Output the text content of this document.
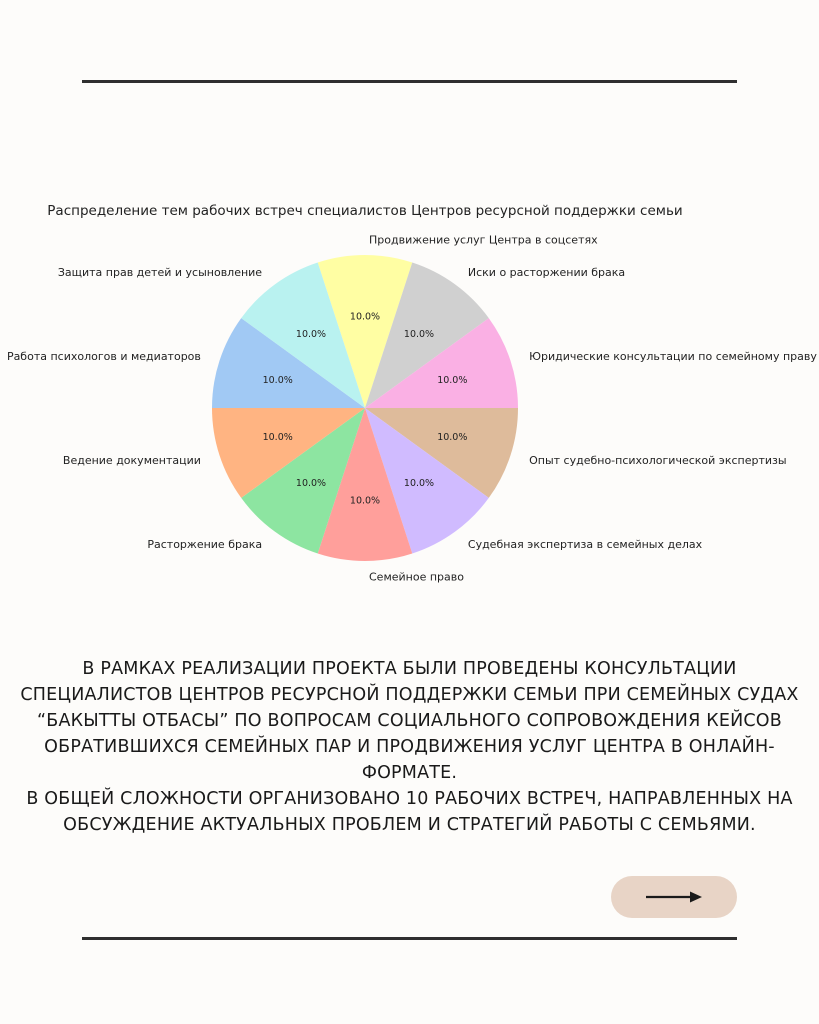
Распределение тем рабочих встреч специалистов Центров ресурсной поддержки семьи
10.0%
10.0%
10.0%
10.0%
10.0%
10.0%
10.0%
10.0%
10.0%
10.0%
Продвижение услуг Центра в соцсетях
Иски о расторжении брака
Юридические консультации по семейному праву
Опыт судебно-психологической экспертизы
Судебная экспертиза в семейных делах
Семейное право
Расторжение брака
Ведение документации
Работа психологов и медиаторов
Защита прав детей и усыновление

В РАМКАХ РЕАЛИЗАЦИИ ПРОЕКТА БЫЛИ ПРОВЕДЕНЫ КОНСУЛЬТАЦИИ СПЕЦИАЛИСТОВ ЦЕНТРОВ РЕСУРСНОЙ ПОДДЕРЖКИ СЕМЬИ ПРИ СЕМЕЙНЫХ СУДАХ “БАКЫТТЫ ОТБАСЫ” ПО ВОПРОСАМ СОЦИАЛЬНОГО СОПРОВОЖДЕНИЯ КЕЙСОВ ОБРАТИВШИХСЯ СЕМЕЙНЫХ ПАР И ПРОДВИЖЕНИЯ УСЛУГ ЦЕНТРА В ОНЛАЙН-ФОРМАТЕ.

В ОБЩЕЙ СЛОЖНОСТИ ОРГАНИЗОВАНО 10 РАБОЧИХ ВСТРЕЧ, НАПРАВЛЕННЫХ НА ОБСУЖДЕНИЕ АКТУАЛЬНЫХ ПРОБЛЕМ И СТРАТЕГИЙ РАБОТЫ С СЕМЬЯМИ.
